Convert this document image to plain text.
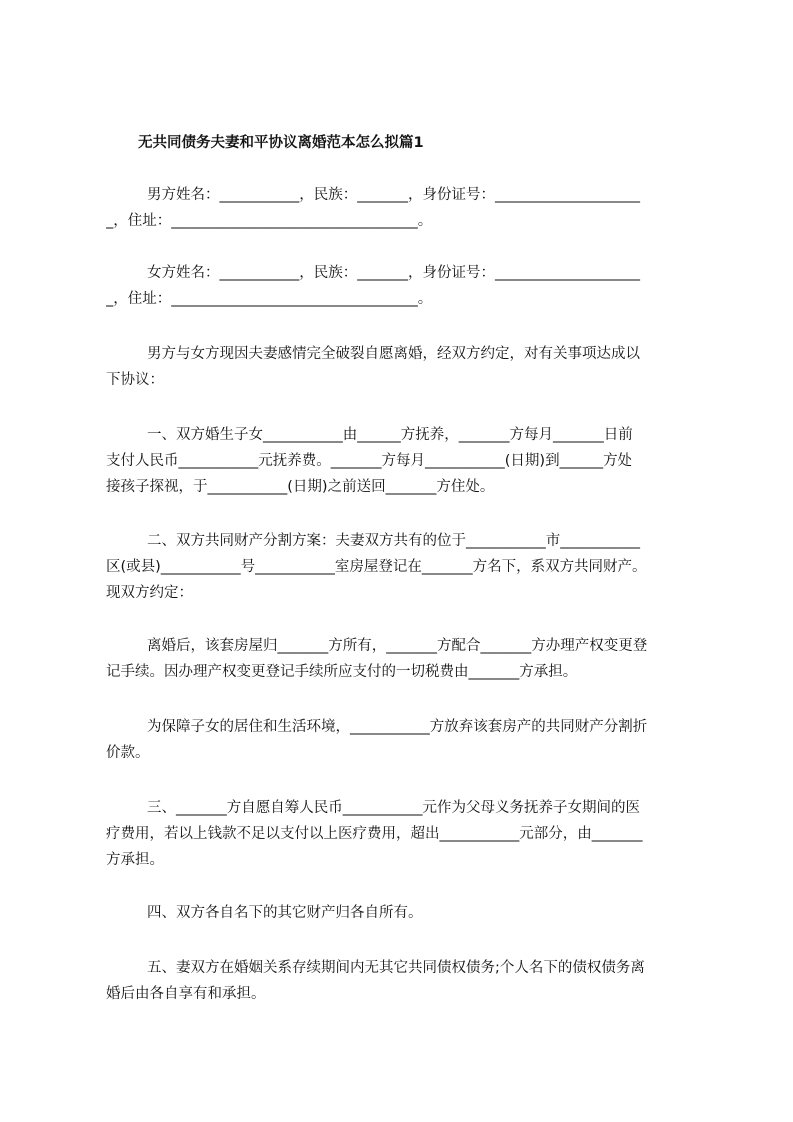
无共同债务夫妻和平协议离婚范本怎么拟篇1
男方姓名：___________，民族：_______，身份证号：____________________
_，住址：__________________________________。
女方姓名：___________，民族：_______，身份证号：____________________
_，住址：__________________________________。
男方与女方现因夫妻感情完全破裂自愿离婚，经双方约定，对有关事项达成以
下协议：
一、双方婚生子女___________由______方抚养，_______方每月_______日前
支付人民币___________元抚养费。_______方每月___________(日期)到______方处
接孩子探视，于___________(日期)之前送回_______方住处。
二、双方共同财产分割方案：夫妻双方共有的位于___________市___________
区(或县)___________号___________室房屋登记在_______方名下，系双方共同财产。
现双方约定：
离婚后，该套房屋归_______方所有，_______方配合_______方办理产权变更登
记手续。因办理产权变更登记手续所应支付的一切税费由_______方承担。
为保障子女的居住和生活环境，___________方放弃该套房产的共同财产分割折
价款。
三、_______方自愿自筹人民币___________元作为父母义务抚养子女期间的医
疗费用，若以上钱款不足以支付以上医疗费用，超出___________元部分，由_______
方承担。
四、双方各自名下的其它财产归各自所有。
五、妻双方在婚姻关系存续期间内无其它共同债权债务;个人名下的债权债务离
婚后由各自享有和承担。
